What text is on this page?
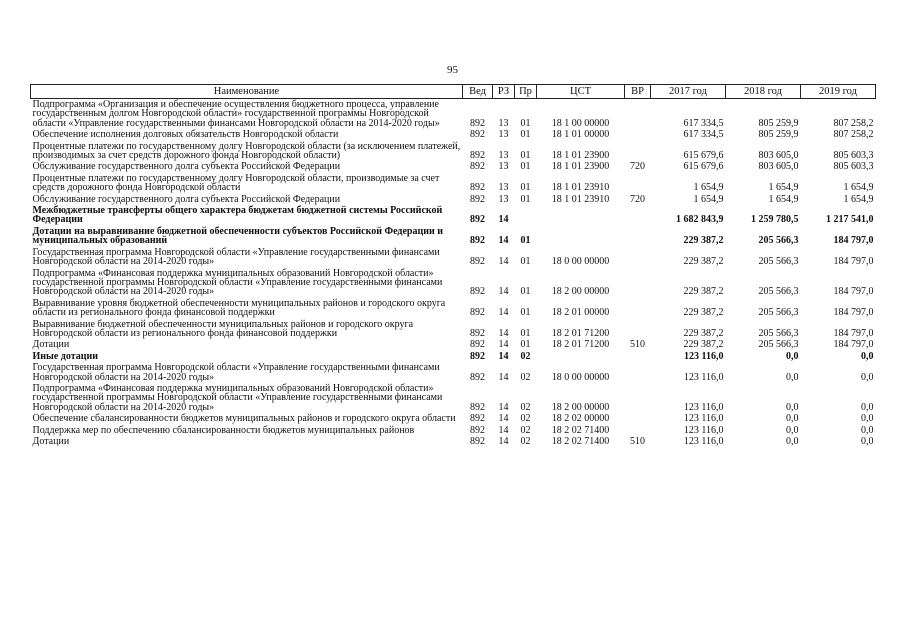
95
Наименование	Вед	РЗ	Пр	ЦСТ	ВР	2017 год	2018 год	2019 год
Подпрограмма «Организация и обеспечение осуществления бюджетного процесса, управление государственным долгом Новгородской области» государственной программы Новгородской области «Управление государственными финансами Новгородской области на 2014-2020 годы»	892	13	01	18 1 00 00000		617 334,5	805 259,9	807 258,2
Обеспечение исполнения долговых обязательств Новгородской области	892	13	01	18 1 01 00000		617 334,5	805 259,9	807 258,2
Процентные платежи по государственному долгу Новгородской области (за исключением платежей, производимых за счет средств дорожного фонда Новгородской области)	892	13	01	18 1 01 23900		615 679,6	803 605,0	805 603,3
Обслуживание государственного долга субъекта Российской Федерации	892	13	01	18 1 01 23900	720	615 679,6	803 605,0	805 603,3
Процентные платежи по государственному долгу Новгородской области, производимые за счет средств дорожного фонда Новгородской области	892	13	01	18 1 01 23910		1 654,9	1 654,9	1 654,9
Обслуживание государственного долга субъекта Российской Федерации	892	13	01	18 1 01 23910	720	1 654,9	1 654,9	1 654,9
Межбюджетные трансферты общего характера бюджетам бюджетной системы Российской Федерации	892	14				1 682 843,9	1 259 780,5	1 217 541,0
Дотации на выравнивание бюджетной обеспеченности субъектов Российской Федерации и муниципальных образований	892	14	01			229 387,2	205 566,3	184 797,0
Государственная программа Новгородской области «Управление государственными финансами Новгородской области на 2014-2020 годы»	892	14	01	18 0 00 00000		229 387,2	205 566,3	184 797,0
Подпрограмма «Финансовая поддержка муниципальных образований Новгородской области» государственной программы Новгородской области «Управление государственными финансами Новгородской области на 2014-2020 годы»	892	14	01	18 2 00 00000		229 387,2	205 566,3	184 797,0
Выравнивание уровня бюджетной обеспеченности муниципальных районов и городского округа области из регионального фонда финансовой поддержки	892	14	01	18 2 01 00000		229 387,2	205 566,3	184 797,0
Выравнивание бюджетной обеспеченности муниципальных районов и городского округа Новгородской области из регионального фонда финансовой поддержки	892	14	01	18 2 01 71200		229 387,2	205 566,3	184 797,0
Дотации	892	14	01	18 2 01 71200	510	229 387,2	205 566,3	184 797,0
Иные дотации	892	14	02			123 116,0	0,0	0,0
Государственная программа Новгородской области «Управление государственными финансами Новгородской области на 2014-2020 годы»	892	14	02	18 0 00 00000		123 116,0	0,0	0,0
Подпрограмма «Финансовая поддержка муниципальных образований Новгородской области» государственной программы Новгородской области «Управление государственными финансами Новгородской области на 2014-2020 годы»	892	14	02	18 2 00 00000		123 116,0	0,0	0,0
Обеспечение сбалансированности бюджетов муниципальных районов и городского округа области	892	14	02	18 2 02 00000		123 116,0	0,0	0,0
Поддержка мер по обеспечению сбалансированности бюджетов муниципальных районов	892	14	02	18 2 02 71400		123 116,0	0,0	0,0
Дотации	892	14	02	18 2 02 71400	510	123 116,0	0,0	0,0
